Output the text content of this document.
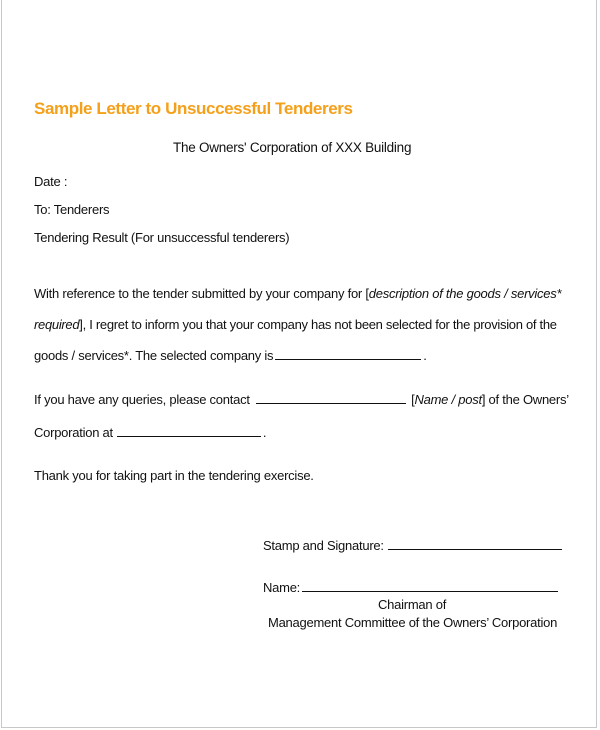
Sample Letter to Unsuccessful Tenderers
The Owners' Corporation of XXX Building
Date :
To: Tenderers
Tendering Result (For unsuccessful tenderers)
With reference to the tender submitted by your company for [description of the goods / services*
required], I regret to inform you that your company has not been selected for the provision of the
goods / services*. The selected company is	.
If you have any queries, please contact	[Name / post] of the Owners’
Corporation at	.
Thank you for taking part in the tendering exercise.
Stamp and Signature:
Name:
Chairman of
Management Committee of the Owners’ Corporation
